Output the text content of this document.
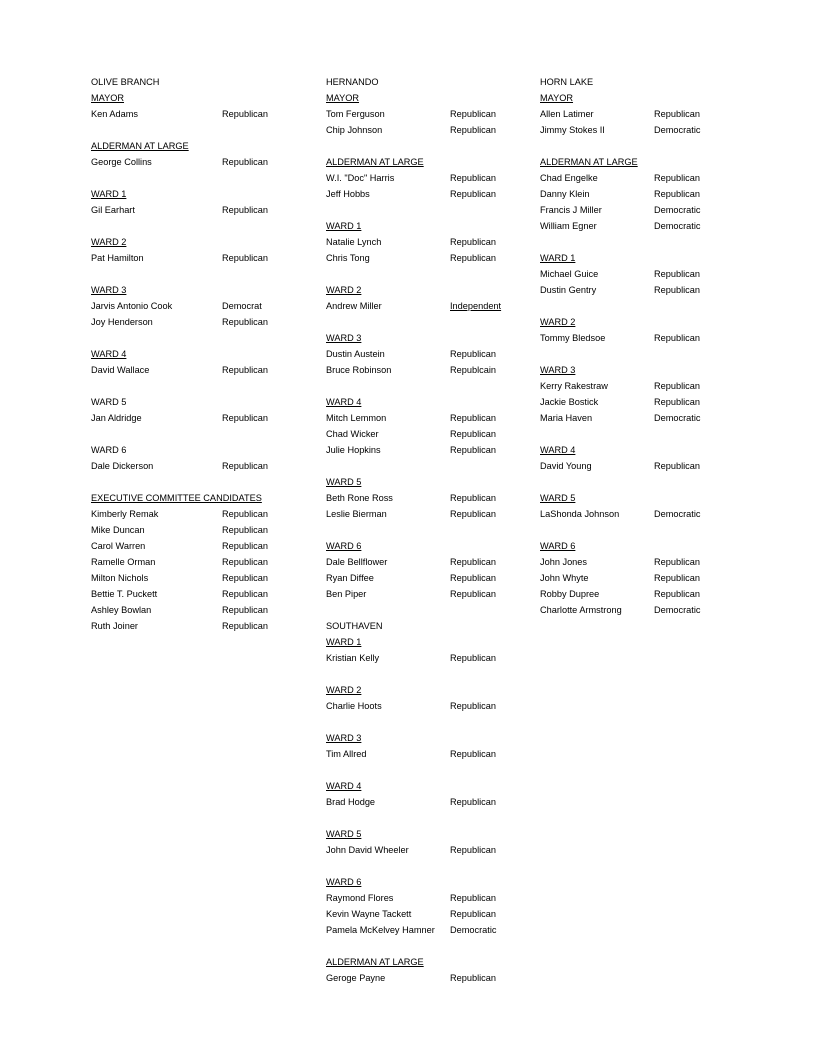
OLIVE BRANCH
MAYOR
Ken Adams	Republican
ALDERMAN AT LARGE
George Collins	Republican
WARD 1
Gil Earhart	Republican
WARD 2
Pat Hamilton	Republican
WARD 3
Jarvis Antonio Cook	Democrat
Joy Henderson	Republican
WARD 4
David Wallace	Republican
WARD 5
Jan Aldridge	Republican
WARD 6
Dale Dickerson	Republican
EXECUTIVE COMMITTEE CANDIDATES
Kimberly Remak	Republican
Mike Duncan	Republican
Carol Warren	Republican
Ramelle Orman	Republican
Milton Nichols	Republican
Bettie T. Puckett	Republican
Ashley Bowlan	Republican
Ruth Joiner	Republican
HERNANDO
MAYOR
Tom Ferguson	Republican
Chip Johnson	Republican
ALDERMAN AT LARGE
W.I. "Doc" Harris	Republican
Jeff Hobbs	Republican
WARD 1
Natalie Lynch	Republican
Chris Tong	Republican
WARD 2
Andrew Miller	Independent
WARD 3
Dustin Austein	Republican
Bruce Robinson	Republcain
WARD 4
Mitch Lemmon	Republican
Chad Wicker	Republican
Julie Hopkins	Republican
WARD 5
Beth Rone Ross	Republican
Leslie Bierman	Republican
WARD 6
Dale Bellflower	Republican
Ryan Diffee	Republican
Ben Piper	Republican
SOUTHAVEN
WARD 1
Kristian Kelly	Republican
WARD 2
Charlie Hoots	Republican
WARD 3
Tim Allred	Republican
WARD 4
Brad Hodge	Republican
WARD 5
John David Wheeler	Republican
WARD 6
Raymond Flores	Republican
Kevin Wayne Tackett	Republican
Pamela McKelvey Hamner Democratic
ALDERMAN AT LARGE
Geroge Payne	Republican
HORN LAKE
MAYOR
Allen Latimer	Republican
Jimmy Stokes II	Democratic
ALDERMAN AT LARGE
Chad Engelke	Republican
Danny Klein	Republican
Francis J Miller	Democratic
William Egner	Democratic
WARD 1
Michael Guice	Republican
Dustin Gentry	Republican
WARD 2
Tommy Bledsoe	Republican
WARD 3
Kerry Rakestraw	Republican
Jackie Bostick	Republican
Maria Haven	Democratic
WARD 4
David Young	Republican
WARD 5
LaShonda Johnson	Democratic
WARD 6
John Jones	Republican
John Whyte	Republican
Robby Dupree	Republican
Charlotte Armstrong	Democratic
